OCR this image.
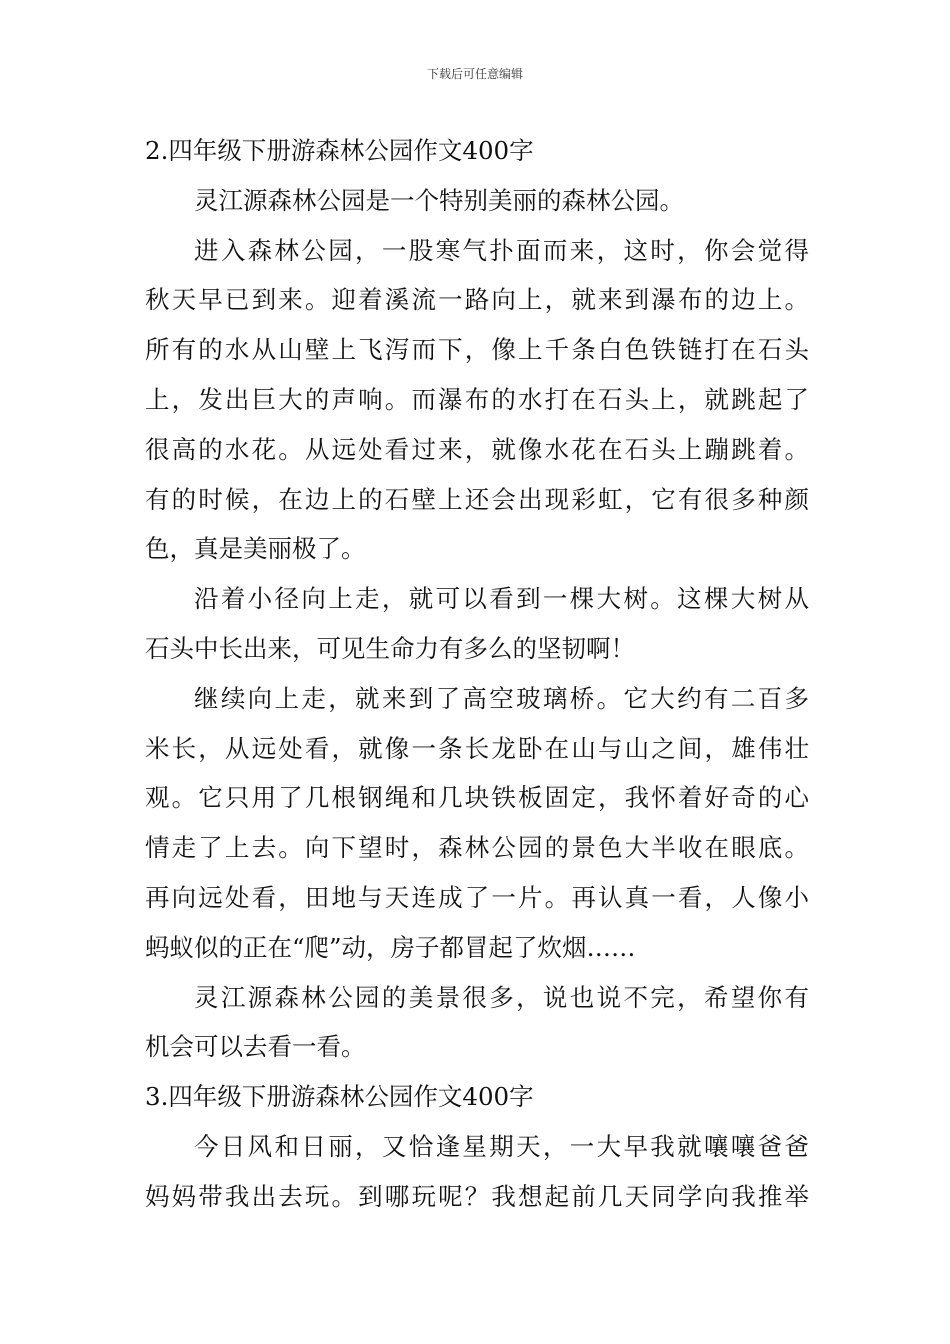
下载后可任意编辑
2.四年级下册游森林公园作文400字

灵江源森林公园是一个特别美丽的森林公园。

进入森林公园，一股寒气扑面而来，这时，你会觉得
秋天早已到来。迎着溪流一路向上，就来到瀑布的边上。
所有的水从山壁上飞泻而下，像上千条白色铁链打在石头
上，发出巨大的声响。而瀑布的水打在石头上，就跳起了
很高的水花。从远处看过来，就像水花在石头上蹦跳着。
有的时候，在边上的石壁上还会出现彩虹，它有很多种颜
色，真是美丽极了。

沿着小径向上走，就可以看到一棵大树。这棵大树从
石头中长出来，可见生命力有多么的坚韧啊！

继续向上走，就来到了高空玻璃桥。它大约有二百多
米长，从远处看，就像一条长龙卧在山与山之间，雄伟壮
观。它只用了几根钢绳和几块铁板固定，我怀着好奇的心
情走了上去。向下望时，森林公园的景色大半收在眼底。
再向远处看，田地与天连成了一片。再认真一看，人像小
蚂蚁似的正在“爬”动，房子都冒起了炊烟……

灵江源森林公园的美景很多，说也说不完，希望你有
机会可以去看一看。

3.四年级下册游森林公园作文400字

今日风和日丽，又恰逢星期天，一大早我就嚷嚷爸爸
妈妈带我出去玩。到哪玩呢？我想起前几天同学向我推举
